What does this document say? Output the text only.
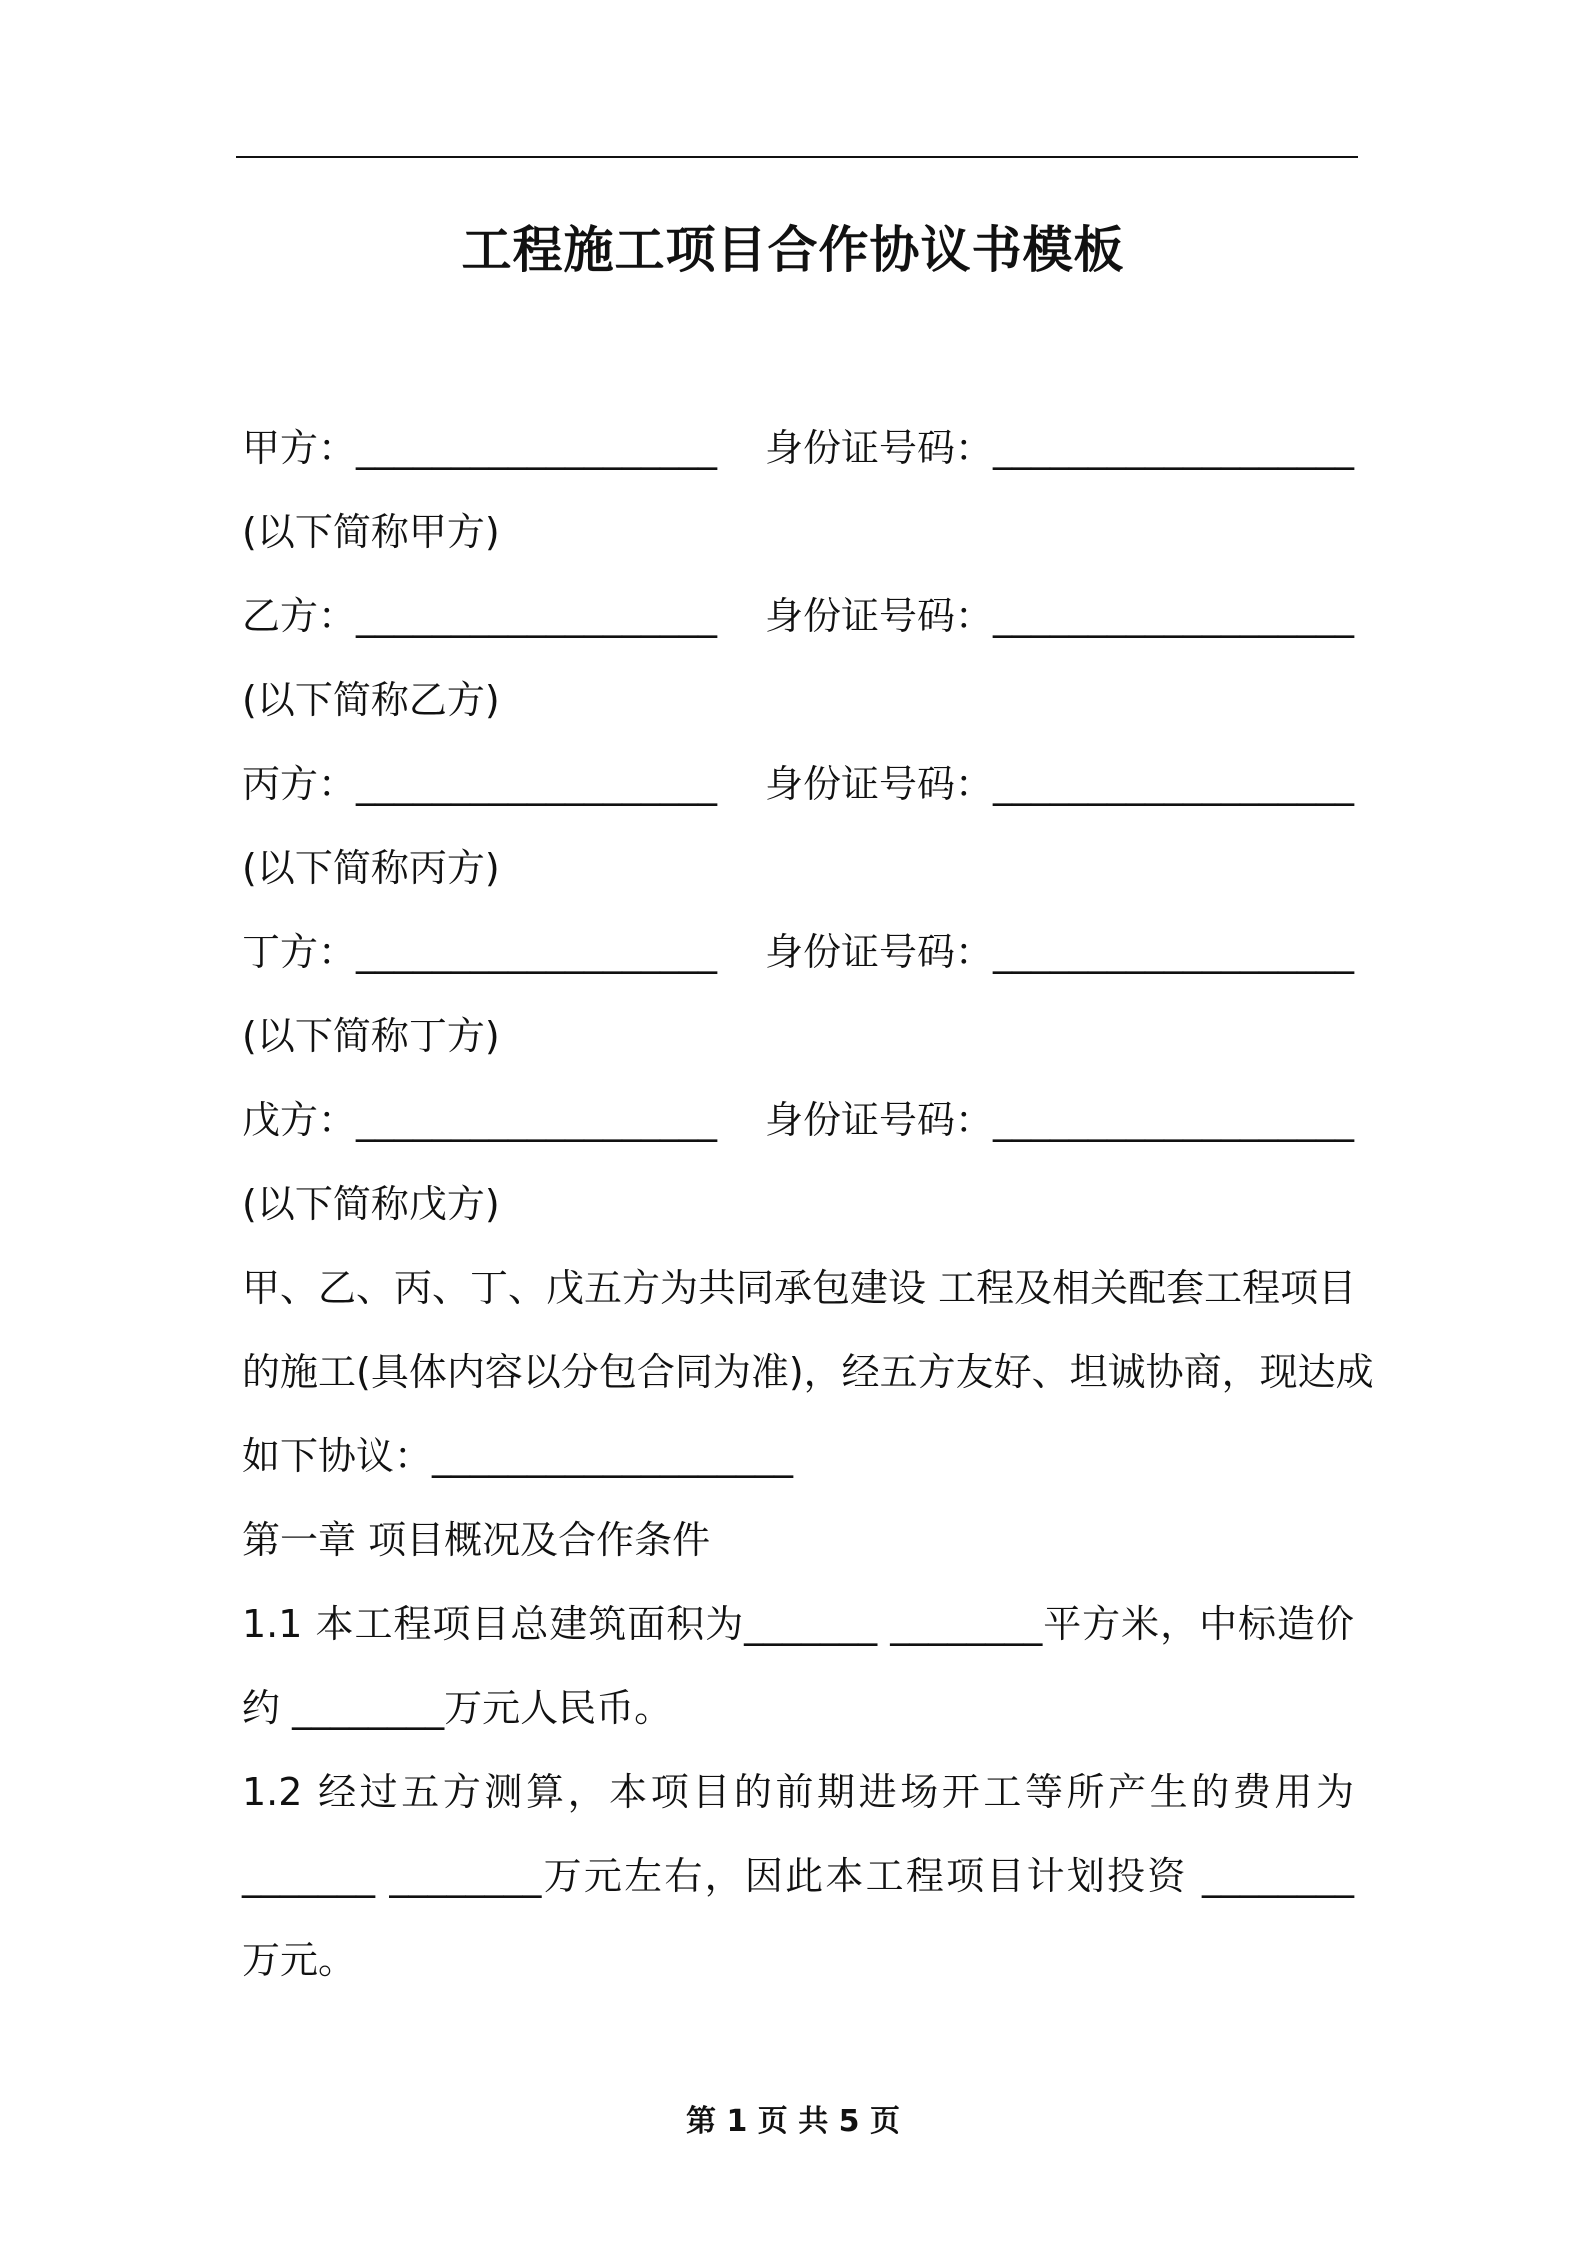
工程施工项目合作协议书模板
甲方：___________________ 身份证号码：___________________
(以下简称甲方)
乙方：___________________ 身份证号码：___________________
(以下简称乙方)
丙方：___________________ 身份证号码：___________________
(以下简称丙方)
丁方：___________________ 身份证号码：___________________
(以下简称丁方)
戊方：___________________ 身份证号码：___________________
(以下简称戊方)
甲、乙、丙、丁、戊五方为共同承包建设 工程及相关配套工程项目
的施工(具体内容以分包合同为准)，经五方友好、坦诚协商，现达成
如下协议：___________________
第一章 项目概况及合作条件
1.1 本工程项目总建筑面积为_______ ________平方米，中标造价
约 ________万元人民币。
1.2 经过五方测算，本项目的前期进场开工等所产生的费用为
_______ ________万元左右，因此本工程项目计划投资 ________
万元。
第 1 页 共 5 页
